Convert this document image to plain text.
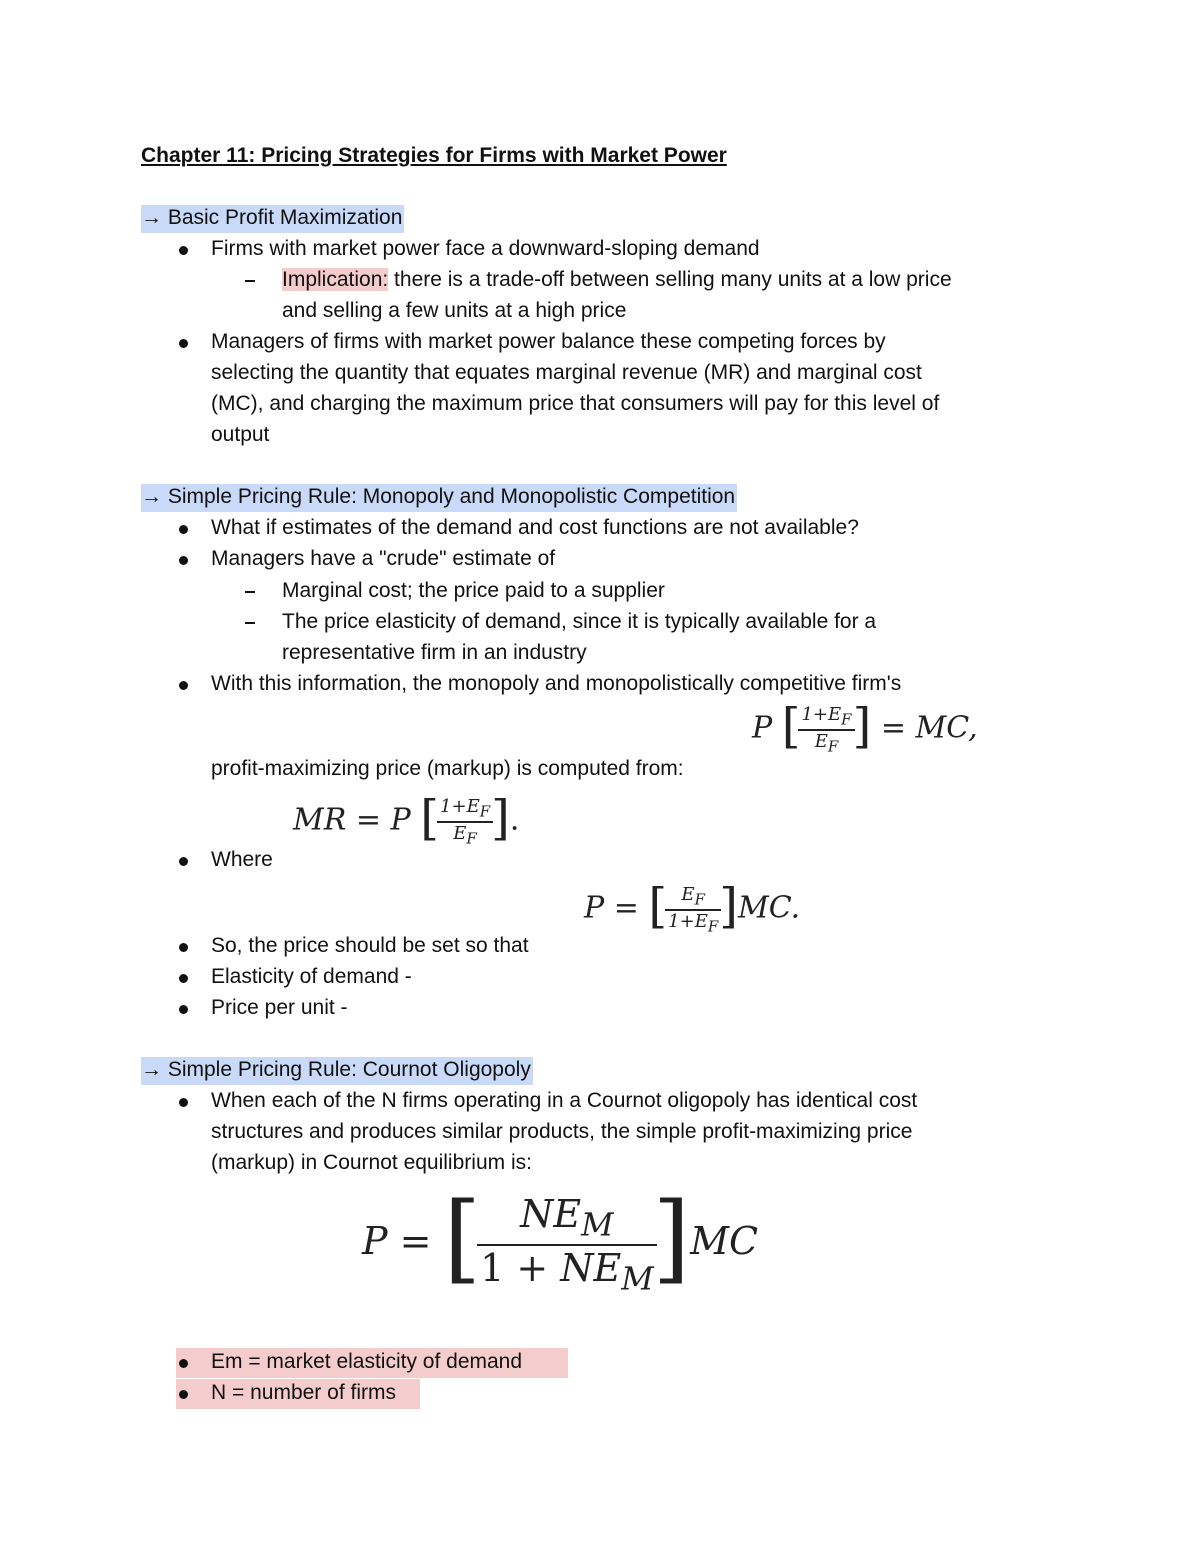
Chapter 11: Pricing Strategies for Firms with Market Power
→ Basic Profit Maximization
Firms with market power face a downward-sloping demand
Implication: there is a trade-off between selling many units at a low price
and selling a few units at a high price
Managers of firms with market power balance these competing forces by
selecting the quantity that equates marginal revenue (MR) and marginal cost
(MC), and charging the maximum price that consumers will pay for this level of
output
→ Simple Pricing Rule: Monopoly and Monopolistic Competition
What if estimates of the demand and cost functions are not available?
Managers have a "crude" estimate of
Marginal cost; the price paid to a supplier
The price elasticity of demand, since it is typically available for a
representative firm in an industry
With this information, the monopoly and monopolistically competitive firm's
profit-maximizing price (markup) is computed from:
P [
$\frac{1+E_F}{E_F}$
] = MC,
Where
MR = P [
$\frac{1+E_F}{E_F}$
].
P = [
$\frac{E_F}{1+E_F}$
]MC.
So, the price should be set so that
Elasticity of demand -
Price per unit -
→ Simple Pricing Rule: Cournot Oligopoly
When each of the N firms operating in a Cournot oligopoly has identical cost
structures and produces similar products, the simple profit-maximizing price
(markup) in Cournot equilibrium is:
P = [
$\frac{NE_M}{1 + NE_M}$
]MC
Em = market elasticity of demand
N = number of firms
